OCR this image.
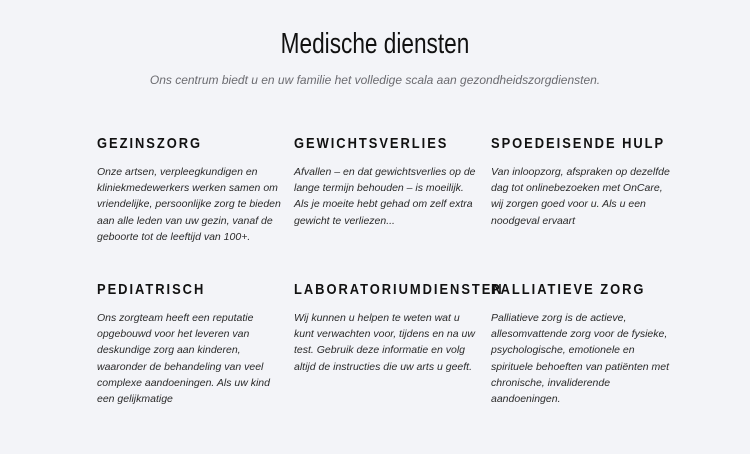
Medische diensten

Ons centrum biedt u en uw familie het volledige scala aan gezondheidszorgdiensten.

GEZINSZORG

Onze artsen, verpleegkundigen en kliniekmedewerkers werken samen om vriendelijke, persoonlijke zorg te bieden aan alle leden van uw gezin, vanaf de geboorte tot de leeftijd van 100+.

GEWICHTSVERLIES

Afvallen – en dat gewichtsverlies op de lange termijn behouden – is moeilijk. Als je moeite hebt gehad om zelf extra gewicht te verliezen...

SPOEDEISENDE HULP

Van inloopzorg, afspraken op dezelfde dag tot onlinebezoeken met OnCare, wij zorgen goed voor u. Als u een noodgeval ervaart

PEDIATRISCH

Ons zorgteam heeft een reputatie opgebouwd voor het leveren van deskundige zorg aan kinderen, waaronder de behandeling van veel complexe aandoeningen. Als uw kind een gelijkmatige

LABORATORIUMDIENSTEN

Wij kunnen u helpen te weten wat u kunt verwachten voor, tijdens en na uw test. Gebruik deze informatie en volg altijd de instructies die uw arts u geeft.

PALLIATIEVE ZORG

Palliatieve zorg is de actieve, allesomvattende zorg voor de fysieke, psychologische, emotionele en spirituele behoeften van patiënten met chronische, invaliderende aandoeningen.
